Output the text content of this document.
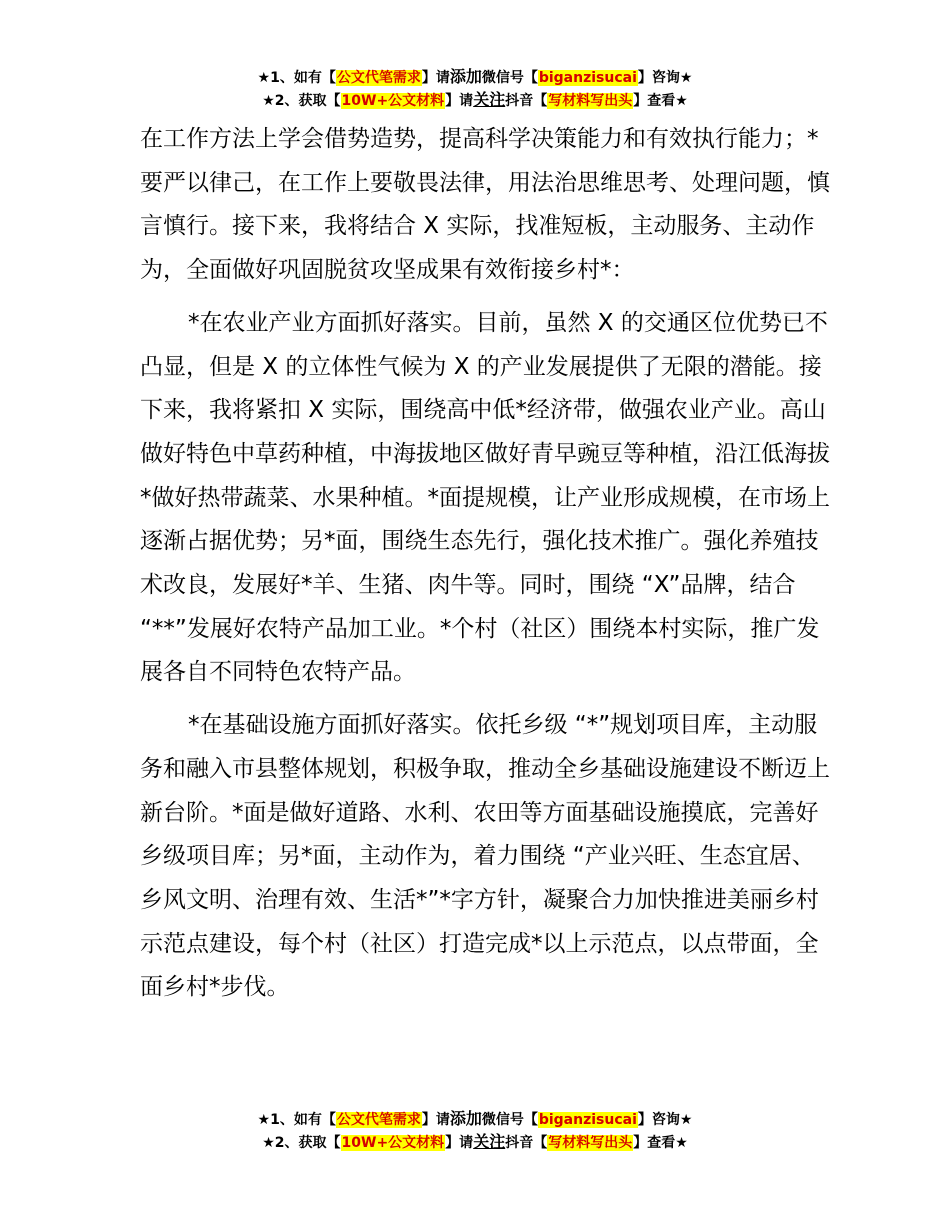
★1、如有【公文代笔需求】请添加微信号【biganzisucai】咨询★
★2、获取【10W+公文材料】请关注抖音【写材料写出头】查看★

在工作方法上学会借势造势，提高科学决策能力和有效执行能力；*要严以律己，在工作上要敬畏法律，用法治思维思考、处理问题，慎言慎行。接下来，我将结合 X 实际，找准短板，主动服务、主动作为，全面做好巩固脱贫攻坚成果有效衔接乡村*：

*在农业产业方面抓好落实。目前，虽然 X 的交通区位优势已不凸显，但是 X 的立体性气候为 X 的产业发展提供了无限的潜能。接下来，我将紧扣 X 实际，围绕高中低*经济带，做强农业产业。高山做好特色中草药种植，中海拔地区做好青早豌豆等种植，沿江低海拔*做好热带蔬菜、水果种植。*面提规模，让产业形成规模，在市场上逐渐占据优势；另*面，围绕生态先行，强化技术推广。强化养殖技术改良，发展好*羊、生猪、肉牛等。同时，围绕 “X”品牌，结合 “**”发展好农特产品加工业。*个村（社区）围绕本村实际，推广发展各自不同特色农特产品。

*在基础设施方面抓好落实。依托乡级 “*”规划项目库，主动服务和融入市县整体规划，积极争取，推动全乡基础设施建设不断迈上新台阶。*面是做好道路、水利、农田等方面基础设施摸底，完善好乡级项目库；另*面，主动作为，着力围绕 “产业兴旺、生态宜居、乡风文明、治理有效、生活*”*字方针，凝聚合力加快推进美丽乡村示范点建设，每个村（社区）打造完成*以上示范点，以点带面，全面乡村*步伐。

★1、如有【公文代笔需求】请添加微信号【biganzisucai】咨询★
★2、获取【10W+公文材料】请关注抖音【写材料写出头】查看★
